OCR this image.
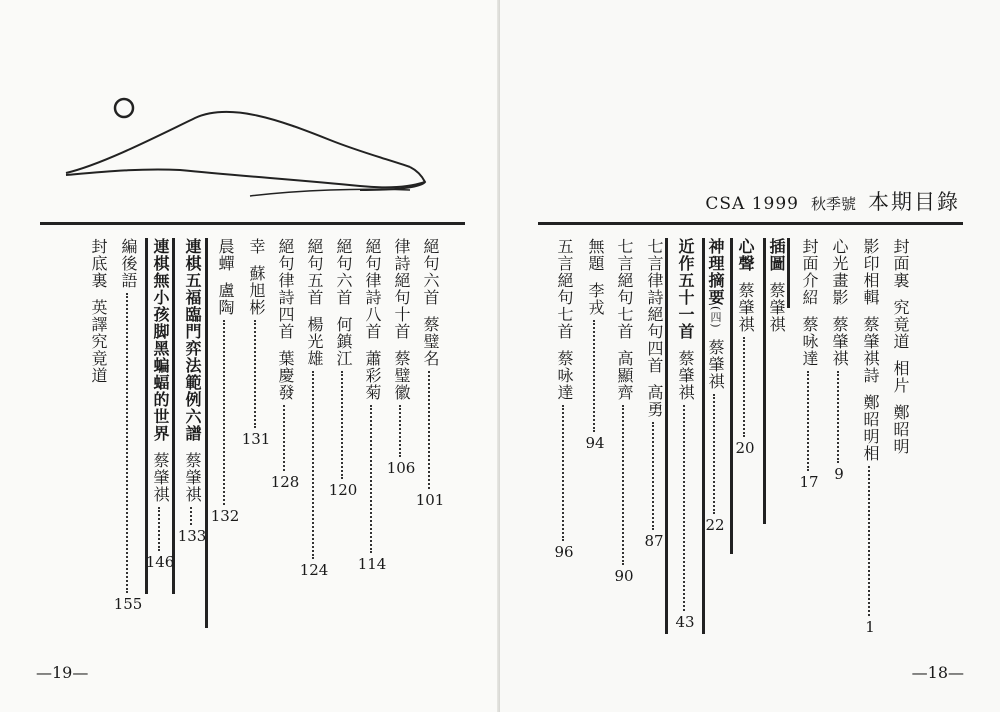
絕句六首
蔡璧名
101
律詩絕句十首
蔡璧徽
106
絕句律詩八首
蕭彩菊
114
絕句六首
何鎮江
120
絕句五首
楊光雄
124
絕句律詩四首
葉慶發
128
幸
蘇旭彬
131
晨蟬
盧陶
132
連棋五福臨門弈法範例六譜
蔡肇祺
133
連棋無小孩脚黑蝙蝠的世界
蔡肇祺
146
編後語
155
封底裏
英譯究竟道
—19—
CSA 1999 秋季號 本期目錄
封面裏
究竟道
相片
鄭昭明
影印相輯
蔡肇祺詩
鄭昭明相
1
心光畫影
蔡肇祺
9
封面介紹
蔡咏達
17
插圖
蔡肇祺
心聲
蔡肇祺
20
神理摘要
(四)
蔡肇祺
22
近作五十一首
蔡肇祺
43
七言律詩絕句四首
高勇
87
七言絕句七首
高顯齊
90
無題
李戎
94
五言絕句七首
蔡咏達
96
—18—
